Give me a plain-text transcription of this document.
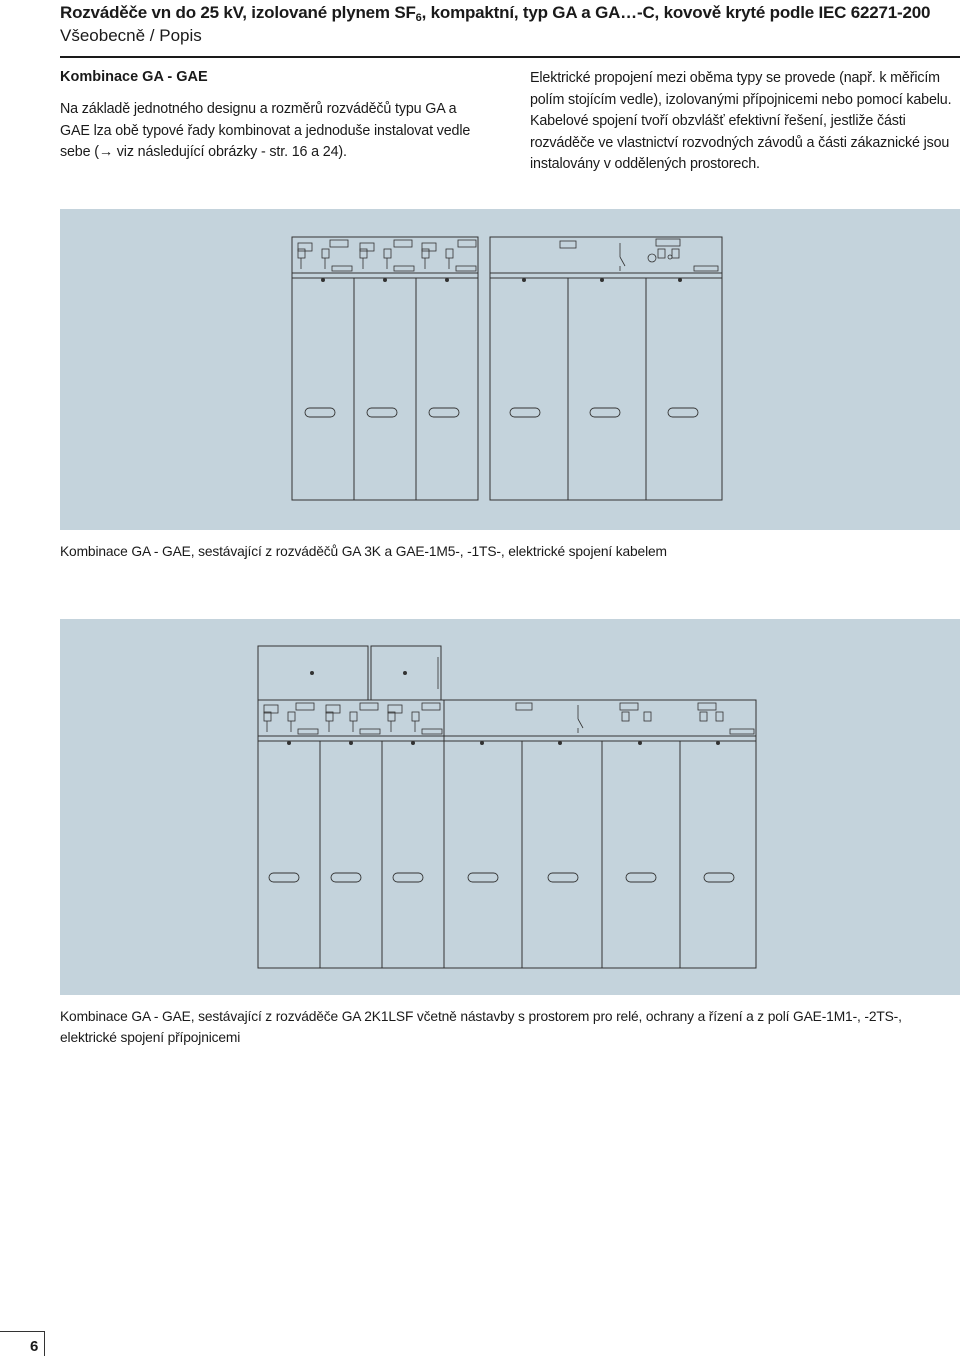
Rozváděče vn do 25 kV, izolované plynem $SF_6$, kompaktní, typ GA a GA…-C, kovově kryté podle IEC 62271-200
Všeobecně / Popis
Kombinace GA - GAE

Na základě jednotného designu a rozměrů rozváděčů typu GA a GAE lza obě typové řady kombinovat a jednoduše instalovat vedle sebe (→ viz následující obrázky - str. 16 a 24).

Elektrické propojení mezi oběma typy se provede (např. k měřicím polím stojícím vedle), izolovanými přípojnicemi nebo pomocí kabelu. Kabelové spojení tvoří obzvlášť efektivní řešení, jestliže části rozváděče ve vlastnictví rozvodných závodů a části zákaznické jsou instalovány v oddělených prostorech.

Kombinace GA - GAE, sestávající z rozváděčů GA 3K a GAE-1M5-, -1TS-, elektrické spojení kabelem

Kombinace GA - GAE, sestávající z rozváděče GA 2K1LSF včetně nástavby s prostorem pro relé, ochrany a řízení a z polí GAE-1M1-, -2TS-, elektrické spojení přípojnicemi

6
